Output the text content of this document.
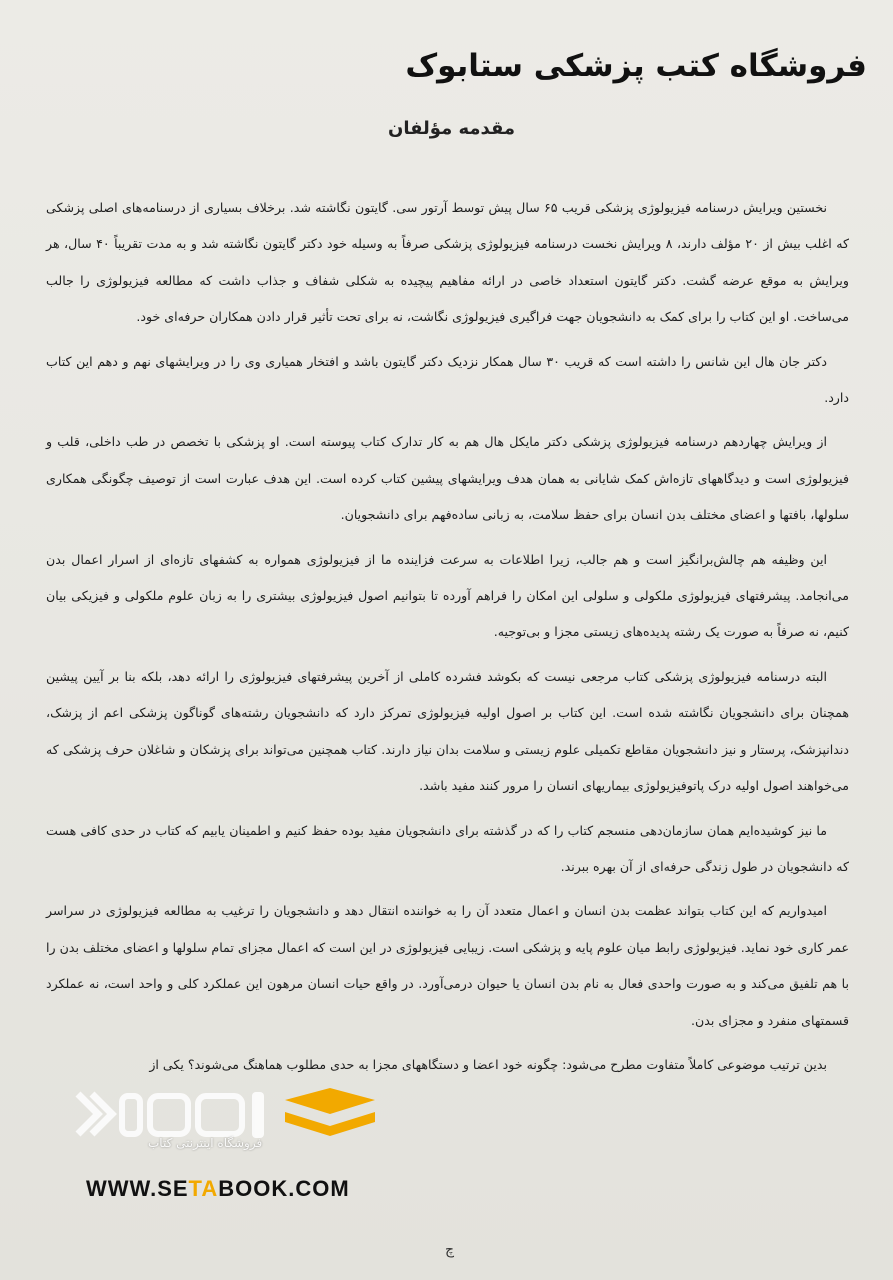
فروشگاه کتب پزشکی ستابوک
مقدمه مؤلفان

نخستین ویرایش درسنامه فیزیولوژی پزشکی قریب ۶۵ سال پیش توسط آرتور سی. گایتون نگاشته شد. برخلاف بسیاری از درسنامه‌های اصلی پزشکی که اغلب بیش از ۲۰ مؤلف دارند، ۸ ویرایش نخست درسنامه فیزیولوژی پزشکی صرفاً به وسیله خود دکتر گایتون نگاشته شد و به مدت تقریباً ۴۰ سال، هر ویرایش به موقع عرضه گشت. دکتر گایتون استعداد خاصی در ارائه مفاهیم پیچیده به شکلی شفاف و جذاب داشت که مطالعه فیزیولوژی را جالب می‌ساخت. او این کتاب را برای کمک به دانشجویان جهت فراگیری فیزیولوژی نگاشت، نه برای تحت تأثیر قرار دادن همکاران حرفه‌ای خود.

دکتر جان هال این شانس را داشته است که قریب ۳۰ سال همکار نزدیک دکتر گایتون باشد و افتخار همیاری وی را در ویرایشهای نهم و دهم این کتاب دارد.

از ویرایش چهاردهم درسنامه فیزیولوژی پزشکی دکتر مایکل هال هم به کار تدارک کتاب پیوسته است. او پزشکی با تخصص در طب داخلی، قلب و فیزیولوژی است و دیدگاههای تازه‌اش کمک شایانی به همان هدف ویرایشهای پیشین کتاب کرده است. این هدف عبارت است از توصیف چگونگی همکاری سلولها، بافتها و اعضای مختلف بدن انسان برای حفظ سلامت، به زبانی ساده‌فهم برای دانشجویان.

این وظیفه هم چالش‌برانگیز است و هم جالب، زیرا اطلاعات به سرعت فزاینده ما از فیزیولوژی همواره به کشفهای تازه‌ای از اسرار اعمال بدن می‌انجامد. پیشرفتهای فیزیولوژی ملکولی و سلولی این امکان را فراهم آورده تا بتوانیم اصول فیزیولوژی بیشتری را به زبان علوم ملکولی و فیزیکی بیان کنیم، نه صرفاً به صورت یک رشته پدیده‌های زیستی مجزا و بی‌توجیه.

البته درسنامه فیزیولوژی پزشکی کتاب مرجعی نیست که بکوشد فشرده کاملی از آخرین پیشرفتهای فیزیولوژی را ارائه دهد، بلکه بنا بر آیین پیشین همچنان برای دانشجویان نگاشته شده است. این کتاب بر اصول اولیه فیزیولوژی تمرکز دارد که دانشجویان رشته‌های گوناگون پزشکی اعم از پزشک، دندانپزشک، پرستار و نیز دانشجویان مقاطع تکمیلی علوم زیستی و سلامت بدان نیاز دارند. کتاب همچنین می‌تواند برای پزشکان و شاغلان حرف پزشکی که می‌خواهند اصول اولیه درک پاتوفیزیولوژی بیماریهای انسان را مرور کنند مفید باشد.

ما نیز کوشیده‌ایم همان سازمان‌دهی منسجم کتاب را که در گذشته برای دانشجویان مفید بوده حفظ کنیم و اطمینان یابیم که کتاب در حدی کافی هست که دانشجویان در طول زندگی حرفه‌ای از آن بهره ببرند.

امیدواریم که این کتاب بتواند عظمت بدن انسان و اعمال متعدد آن را به خواننده انتقال دهد و دانشجویان را ترغیب به مطالعه فیزیولوژی در سراسر عمر کاری خود نماید. فیزیولوژی رابط میان علوم پایه و پزشکی است. زیبایی فیزیولوژی در این است که اعمال مجزای تمام سلولها و اعضای مختلف بدن را با هم تلفیق می‌کند و به صورت واحدی فعال به نام بدن انسان یا حیوان درمی‌آورد. در واقع حیات انسان مرهون این عملکرد کلی و واحد است، نه عملکرد قسمتهای منفرد و مجزای بدن.

بدین ترتیب موضوعی کاملاً متفاوت مطرح می‌شود: چگونه خود اعضا و دستگاههای مجزا به حدی مطلوب هماهنگ می‌شوند؟ یکی از

فروشگاه اینترنتی کتاب
WWW.SETABOOK.COM
چ
